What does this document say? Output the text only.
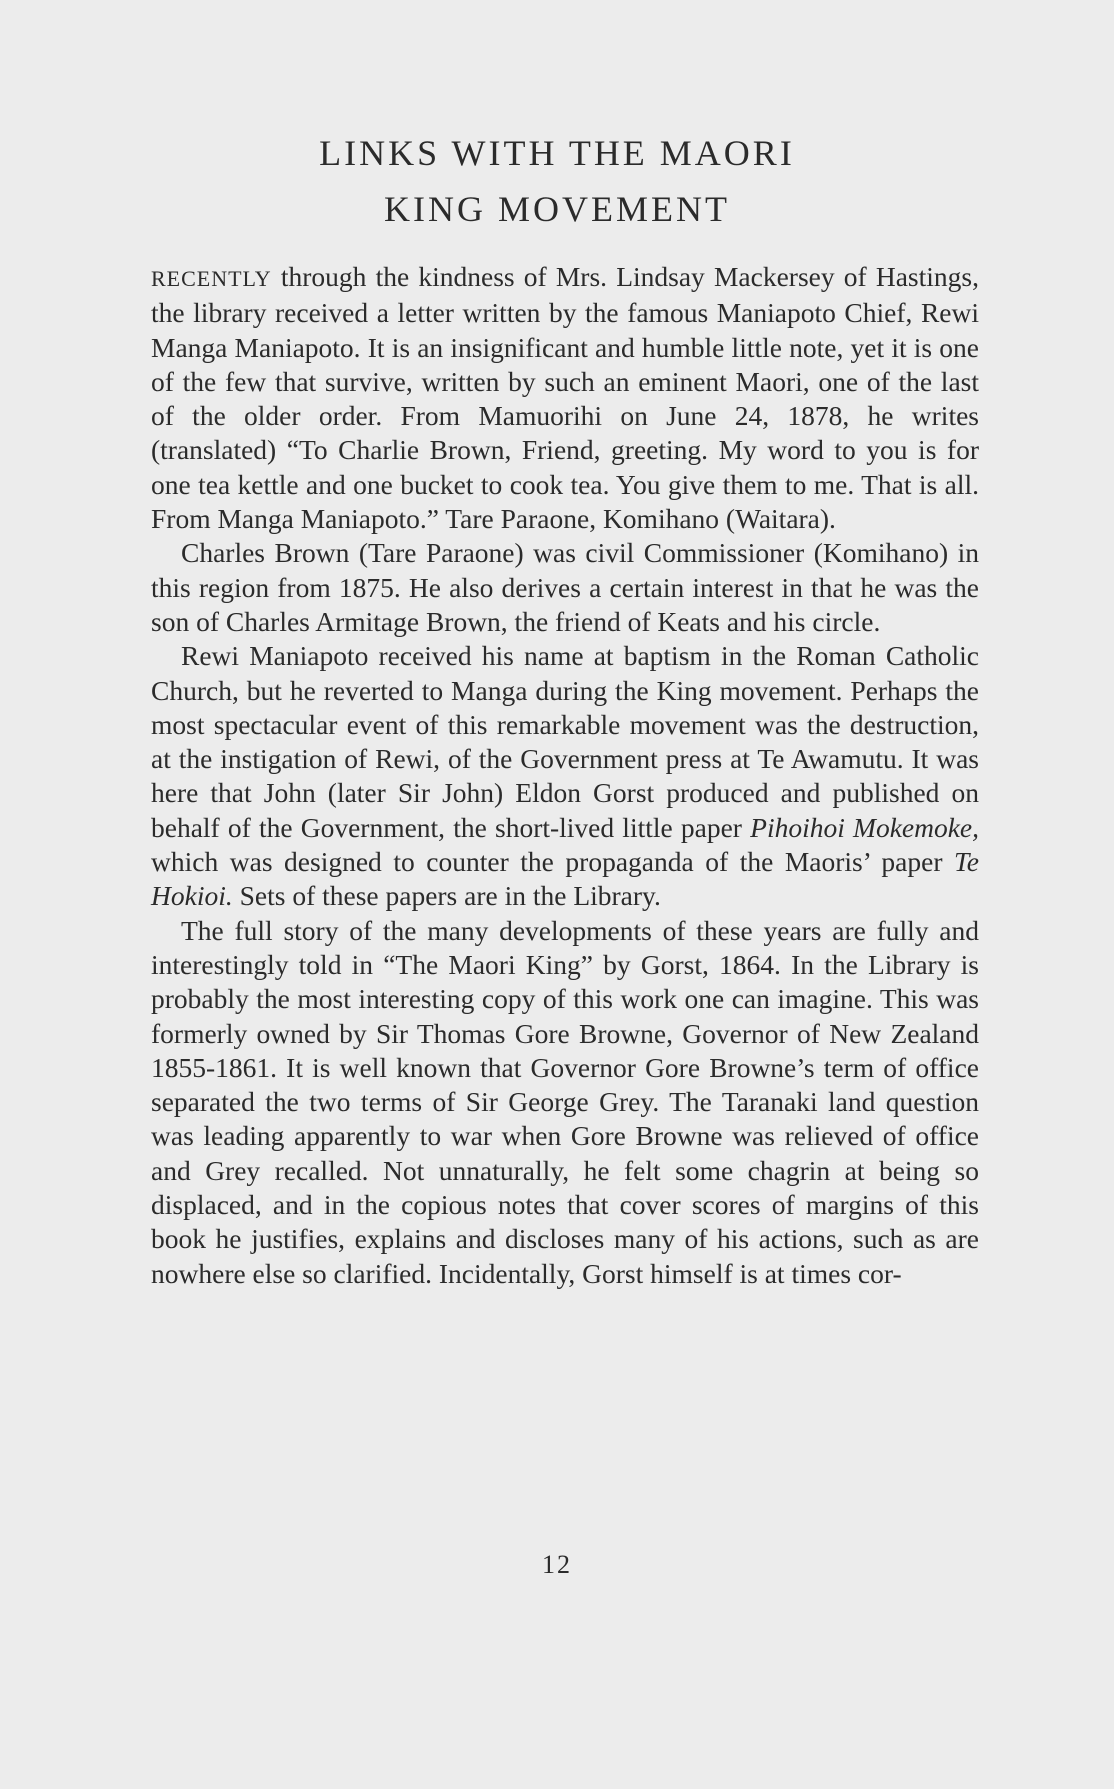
LINKS WITH THE MAORI
KING MOVEMENT

RECENTLY through the kindness of Mrs. Lindsay Mackersey of Hastings, the library received a letter written by the famous Maniapoto Chief, Rewi Manga Maniapoto. It is an insignificant and humble little note, yet it is one of the few that survive, written by such an eminent Maori, one of the last of the older order. From Mamuorihi on June 24, 1878, he writes (translated) “To Charlie Brown, Friend, greeting. My word to you is for one tea kettle and one bucket to cook tea. You give them to me. That is all. From Manga Maniapoto.” Tare Paraone, Komihano (Waitara).

Charles Brown (Tare Paraone) was civil Commissioner (Komihano) in this region from 1875. He also derives a certain interest in that he was the son of Charles Armitage Brown, the friend of Keats and his circle.

Rewi Maniapoto received his name at baptism in the Roman Catholic Church, but he reverted to Manga during the King movement. Perhaps the most spectacular event of this remarkable movement was the destruction, at the instigation of Rewi, of the Government press at Te Awamutu. It was here that John (later Sir John) Eldon Gorst produced and published on behalf of the Government, the short-lived little paper Pihoihoi Mokemoke, which was designed to counter the propaganda of the Maoris’ paper Te Hokioi. Sets of these papers are in the Library.

The full story of the many developments of these years are fully and interestingly told in “The Maori King” by Gorst, 1864. In the Library is probably the most interesting copy of this work one can imagine. This was formerly owned by Sir Thomas Gore Browne, Governor of New Zealand 1855-1861. It is well known that Governor Gore Browne’s term of office separated the two terms of Sir George Grey. The Taranaki land question was leading apparently to war when Gore Browne was relieved of office and Grey recalled. Not unnaturally, he felt some chagrin at being so displaced, and in the copious notes that cover scores of margins of this book he justifies, explains and discloses many of his actions, such as are nowhere else so clarified. Incidentally, Gorst himself is at times cor-

12
